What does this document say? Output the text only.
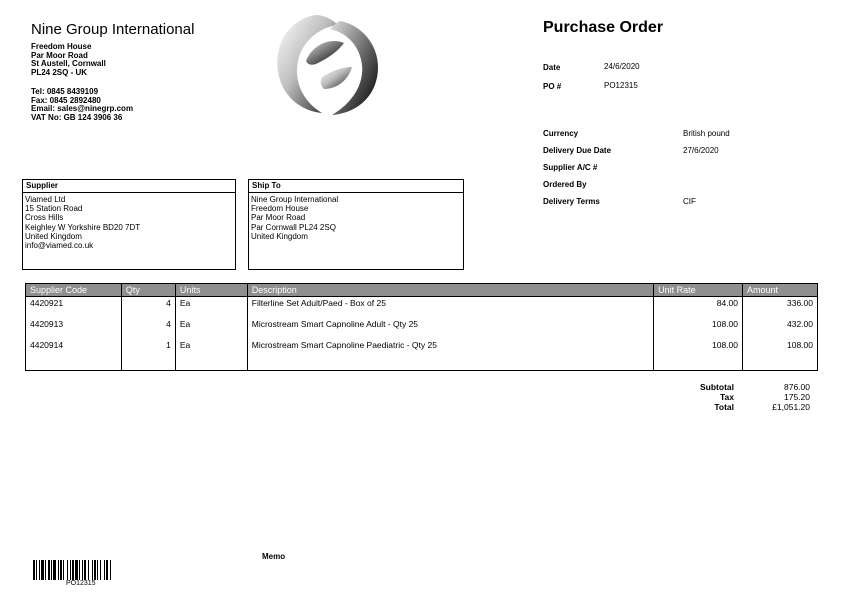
Nine Group International
Freedom House
Par Moor Road
St Austell, Cornwall
PL24 2SQ - UK
Tel: 0845 8439109
Fax: 0845 2892480
Email: sales@ninegrp.com
VAT No: GB 124 3906 36
Purchase Order
Date	24/6/2020
PO #	PO12315
Currency	British pound
Delivery Due Date	27/6/2020
Supplier A/C #
Ordered By
Delivery Terms	CIF
Supplier
Viamed Ltd
15 Station Road
Cross Hills
Keighley W Yorkshire BD20 7DT
United Kingdom
info@viamed.co.uk
Ship To
Nine Group International
Freedom House
Par Moor Road
Par Cornwall PL24 2SQ
United Kingdom
Supplier Code	Qty	Units	Description	Unit Rate	Amount
4420921	4	Ea	Filterline Set Adult/Paed - Box of 25	84.00	336.00
4420913	4	Ea	Microstream Smart Capnoline Adult - Qty 25	108.00	432.00
4420914	1	Ea	Microstream Smart Capnoline Paediatric - Qty 25	108.00	108.00

Subtotal	876.00
Tax	175.20
Total	£1,051.20
Memo
PO12315
